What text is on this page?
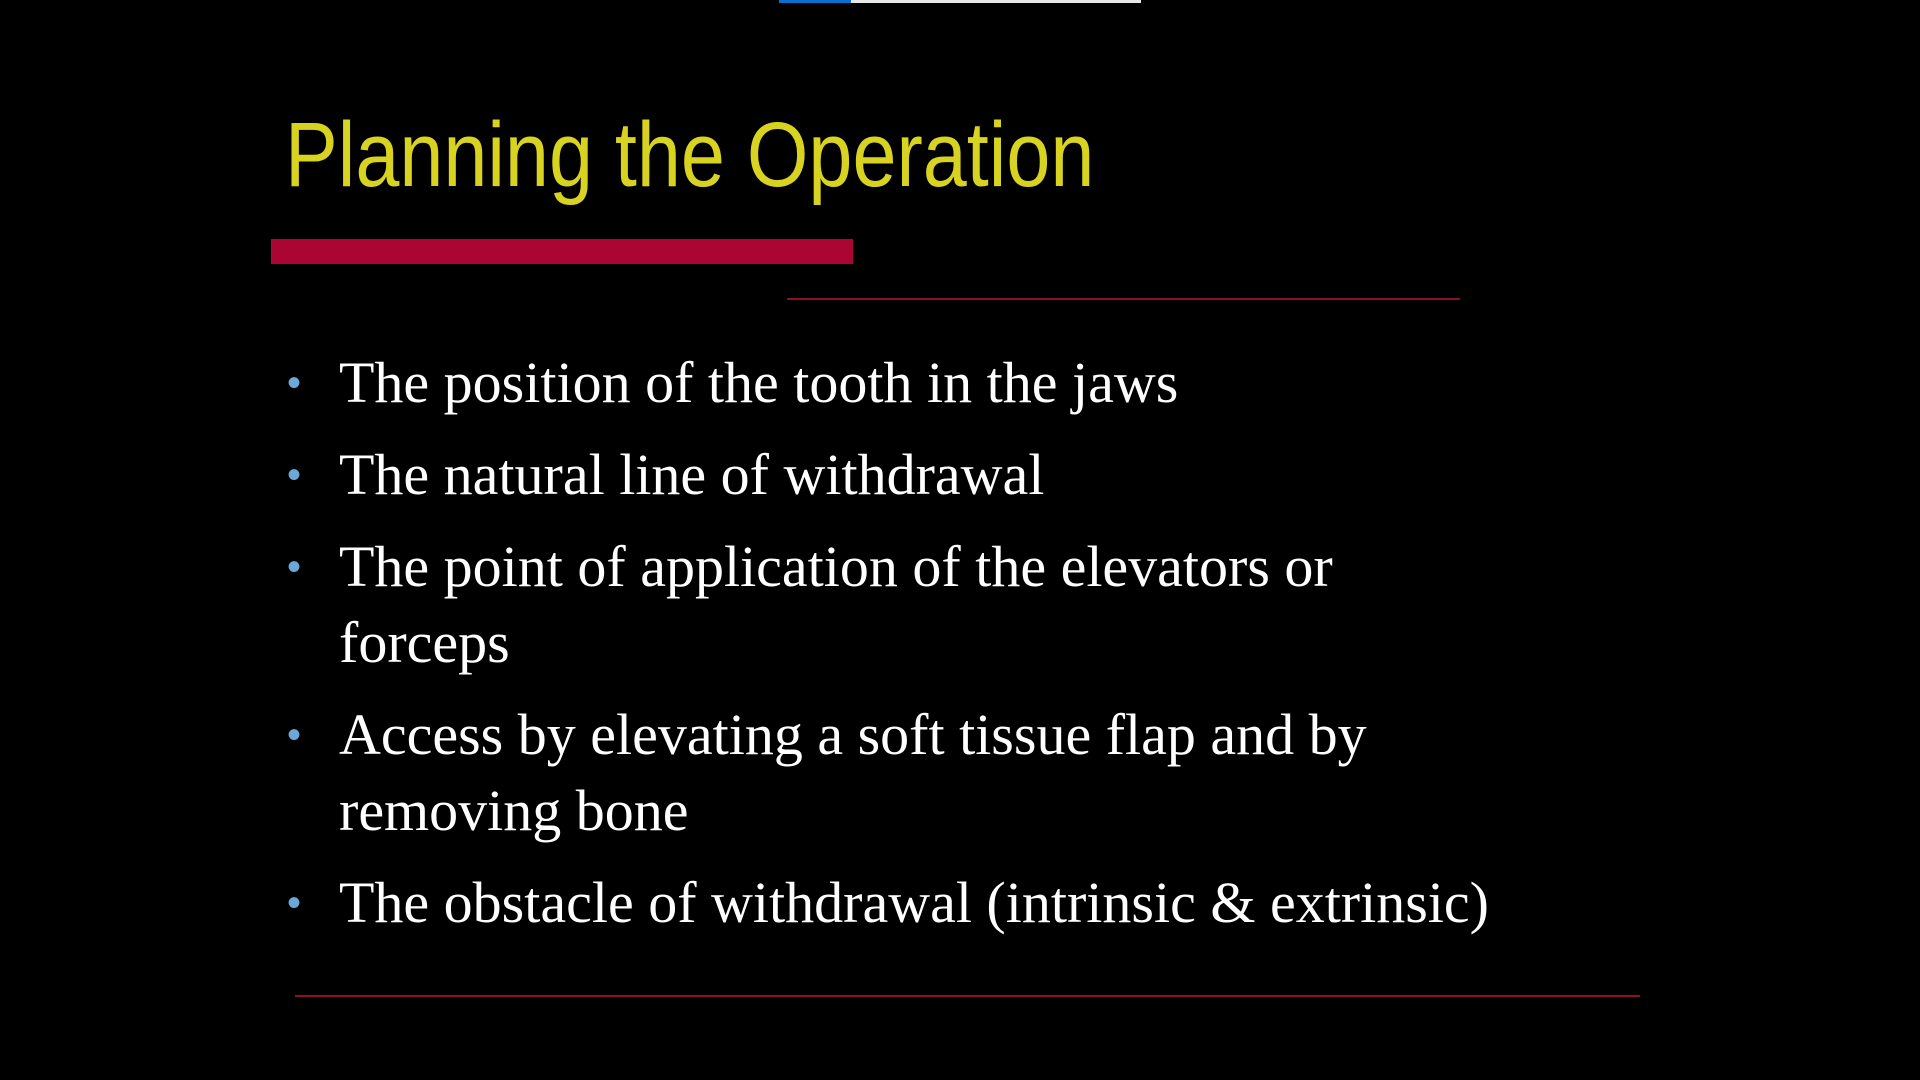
Planning the Operation
• The position of the tooth in the jaws
• The natural line of withdrawal
• The point of application of the elevators or forceps
• Access by elevating a soft tissue flap and by removing bone
• The obstacle of withdrawal (intrinsic & extrinsic)
